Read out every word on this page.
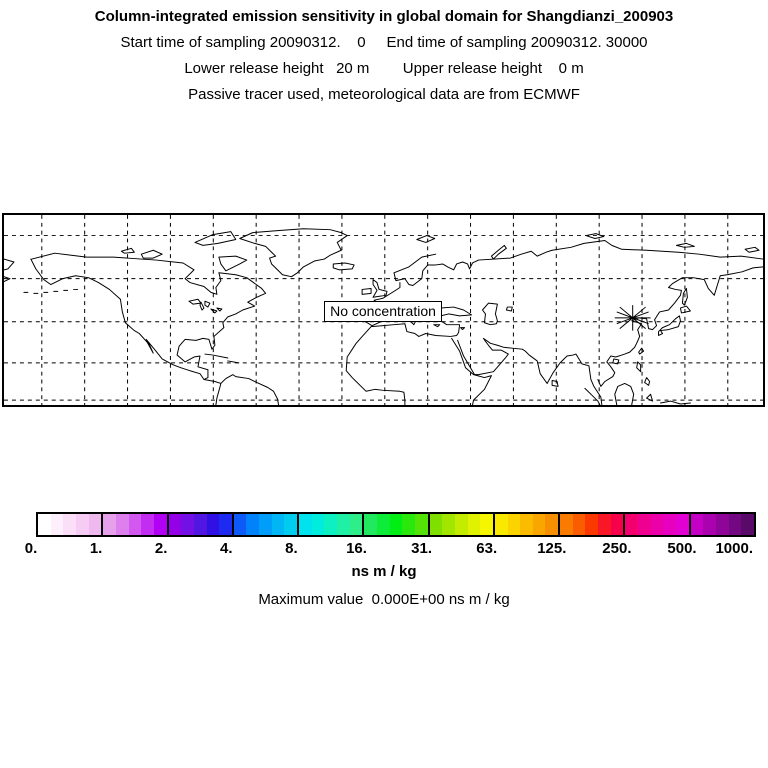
Column-integrated emission sensitivity in global domain for Shangdianzi_200903
Start time of sampling 20090312.    0     End time of sampling 20090312. 30000
Lower release height   20 m        Upper release height    0 m
Passive tracer used, meteorological data are from ECMWF
No concentration
0.	1.	2.	4.	8.	16.	31.	63.	125. 250. 500. 1000.
ns m / kg
Maximum value  0.000E+00 ns m / kg
